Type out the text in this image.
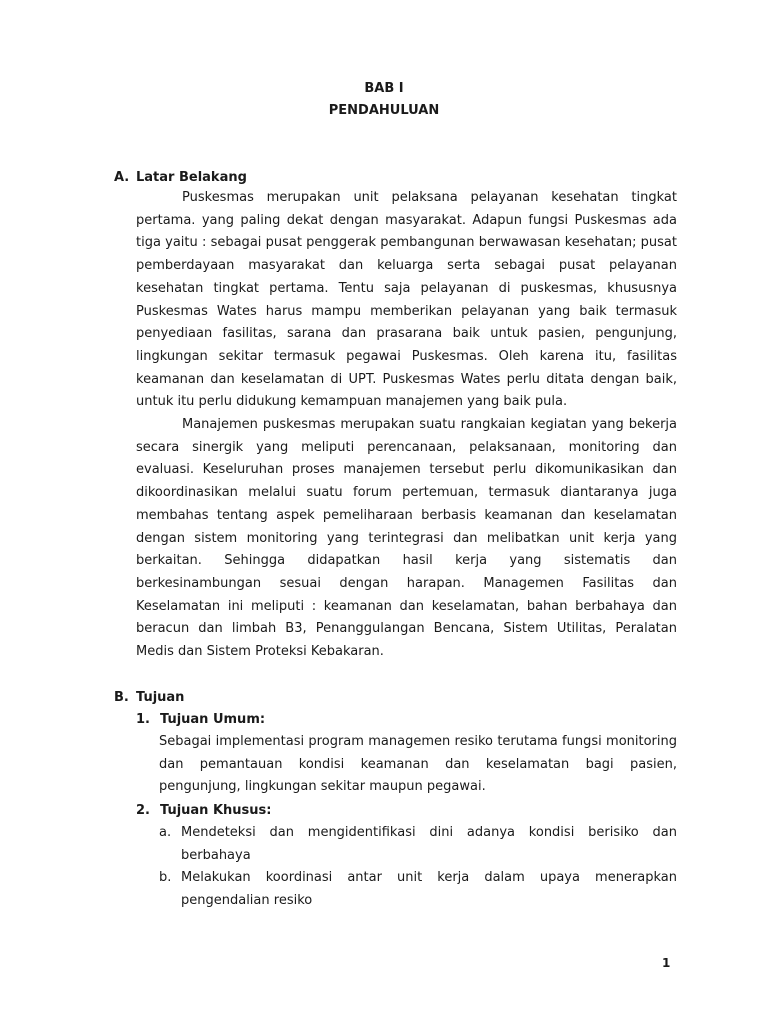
BAB I
PENDAHULUAN
A. Latar Belakang

Puskesmas merupakan unit pelaksana pelayanan kesehatan tingkat pertama. yang paling dekat dengan masyarakat. Adapun fungsi Puskesmas ada tiga yaitu : sebagai pusat penggerak pembangunan berwawasan kesehatan; pusat pemberdayaan masyarakat dan keluarga serta sebagai pusat pelayanan kesehatan tingkat pertama. Tentu saja pelayanan di puskesmas, khususnya Puskesmas Wates harus mampu memberikan pelayanan yang baik termasuk penyediaan fasilitas, sarana dan prasarana baik untuk pasien, pengunjung, lingkungan sekitar termasuk pegawai Puskesmas. Oleh karena itu, fasilitas keamanan dan keselamatan di UPT. Puskesmas Wates perlu ditata dengan baik, untuk itu perlu didukung kemampuan manajemen yang baik pula.

Manajemen puskesmas merupakan suatu rangkaian kegiatan yang bekerja secara sinergik yang meliputi perencanaan, pelaksanaan, monitoring dan evaluasi. Keseluruhan proses manajemen tersebut perlu dikomunikasikan dan dikoordinasikan melalui suatu forum pertemuan, termasuk diantaranya juga membahas tentang aspek pemeliharaan berbasis keamanan dan keselamatan dengan sistem monitoring yang terintegrasi dan melibatkan unit kerja yang berkaitan. Sehingga didapatkan hasil kerja yang sistematis dan berkesinambungan sesuai dengan harapan. Managemen Fasilitas dan Keselamatan ini meliputi : keamanan dan keselamatan, bahan berbahaya dan beracun dan limbah B3, Penanggulangan Bencana, Sistem Utilitas, Peralatan Medis dan Sistem Proteksi Kebakaran.

B. Tujuan
1. Tujuan Umum:

Sebagai implementasi program managemen resiko terutama fungsi monitoring dan pemantauan kondisi keamanan dan keselamatan bagi pasien, pengunjung, lingkungan sekitar maupun pegawai.

2. Tujuan Khusus:
a. Mendeteksi dan mengidentifikasi dini adanya kondisi berisiko dan berbahaya
b. Melakukan koordinasi antar unit kerja dalam upaya menerapkan pengendalian resiko
1
